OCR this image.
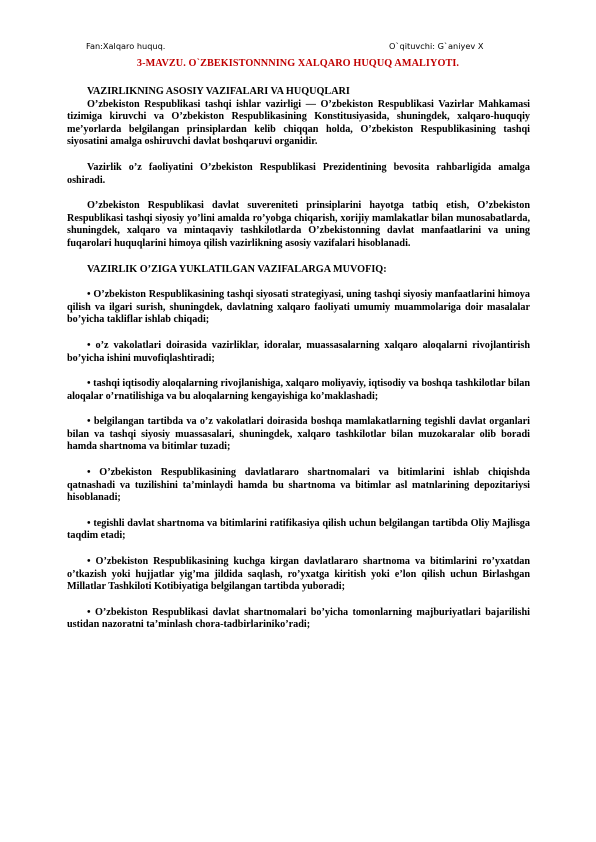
Fan:Xalqaro huquq.	O`qituvchi: G`aniyev X
3-MAVZU. O`ZBEKISTONNNING XALQARO HUQUQ AMALIYOTI.

VAZIRLIKNING ASOSIY VAZIFALARI VA HUQUQLARI

O’zbekiston Respublikasi tashqi ishlar vazirligi — O’zbekiston Respublikasi Vazirlar Mahkamasi tizimiga kiruvchi va O’zbekiston Respublikasining Konstitusiyasida, shuningdek, xalqaro-huquqiy me’yorlarda belgilangan prinsiplardan kelib chiqqan holda, O’zbekiston Respublikasining tashqi siyosatini amalga oshiruvchi davlat boshqaruvi organidir.

Vazirlik o’z faoliyatini O’zbekiston Respublikasi Prezidentining bevosita rahbarligida amalga oshiradi.

O’zbekiston Respublikasi davlat suvereniteti prinsiplarini hayotga tatbiq etish, O’zbekiston Respublikasi tashqi siyosiy yo’lini amalda ro’yobga chiqarish, xorijiy mamlakatlar bilan munosabatlarda, shuningdek, xalqaro va mintaqaviy tashkilotlarda O’zbekistonning davlat manfaatlarini va uning fuqarolari huquqlarini himoya qilish vazirlikning asosiy vazifalari hisoblanadi.

VAZIRLIK O’ZIGA YUKLATILGAN VAZIFALARGA MUVOFIQ:

• O’zbekiston Respublikasining tashqi siyosati strategiyasi, uning tashqi siyosiy manfaatlarini himoya qilish va ilgari surish, shuningdek, davlatning xalqaro faoliyati umumiy muammolariga doir masalalar bo’yicha takliflar ishlab chiqadi;

• o’z vakolatlari doirasida vazirliklar, idoralar, muassasalarning xalqaro aloqalarni rivojlantirish bo’yicha ishini muvofiqlashtiradi;

• tashqi iqtisodiy aloqalarning rivojlanishiga, xalqaro moliyaviy, iqtisodiy va boshqa tashkilotlar bilan aloqalar o’rnatilishiga va bu aloqalarning kengayishiga ko’maklashadi;

• belgilangan tartibda va o’z vakolatlari doirasida boshqa mamlakatlarning tegishli davlat organlari bilan va tashqi siyosiy muassasalari, shuningdek, xalqaro tashkilotlar bilan muzokaralar olib boradi hamda shartnoma va bitimlar tuzadi;

• O’zbekiston Respublikasining davlatlararo shartnomalari va bitimlarini ishlab chiqishda qatnashadi va tuzilishini ta’minlaydi hamda bu shartnoma va bitimlar asl matnlarining depozitariysi hisoblanadi;

• tegishli davlat shartnoma va bitimlarini ratifikasiya qilish uchun belgilangan tartibda Oliy Majlisga taqdim etadi;

• O’zbekiston Respublikasining kuchga kirgan davlatlararo shartnoma va bitimlarini ro’yxatdan o’tkazish yoki hujjatlar yig’ma jildida saqlash, ro’yxatga kiritish yoki e’lon qilish uchun Birlashgan Millatlar Tashkiloti Kotibiyatiga belgilangan tartibda yuboradi;

• O’zbekiston Respublikasi davlat shartnomalari bo’yicha tomonlarning majburiyatlari bajarilishi ustidan nazoratni ta’minlash chora-tadbirlariniko’radi;
